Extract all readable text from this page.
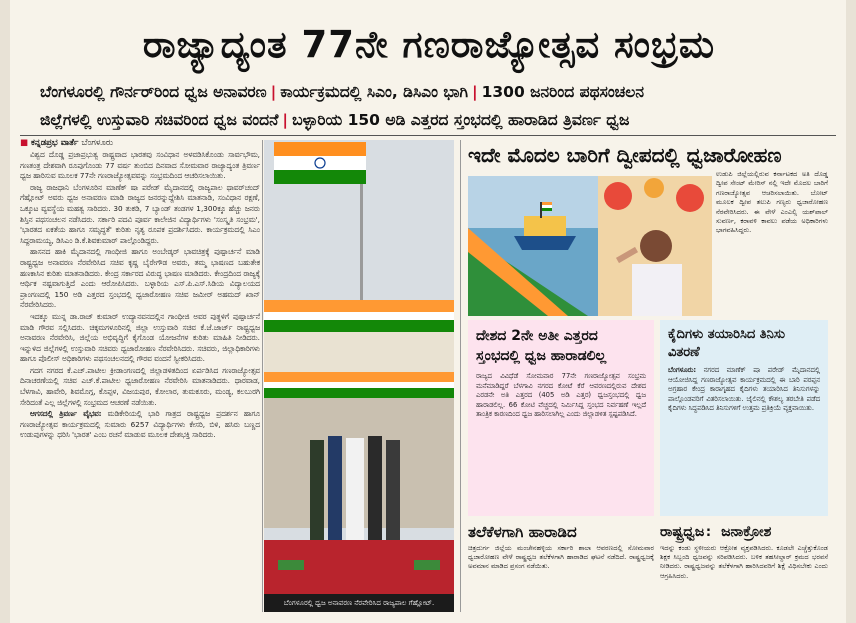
ರಾಜ್ಯಾದ್ಯಂತ 77ನೇ ಗಣರಾಜ್ಯೋತ್ಸವ ಸಂಭ್ರಮ
ಬೆಂಗಳೂರಲ್ಲಿ ಗೌರ್ನರ್‌ರಿಂದ ಧ್ವಜ ಅನಾವರಣ | ಕಾರ್ಯಕ್ರಮದಲ್ಲಿ ಸಿಎಂ, ಡಿಸಿಎಂ ಭಾಗಿ | 1300 ಜನರಿಂದ ಪಥಸಂಚಲನ
ಜಿಲ್ಲೆಗಳಲ್ಲಿ ಉಸ್ತುವಾರಿ ಸಚಿವರಿಂದ ಧ್ವಜ ವಂದನೆ | ಬಳ್ಳಾರಿಯ 150 ಅಡಿ ಎತ್ತರದ ಸ್ತಂಭದಲ್ಲಿ ಹಾರಾಡಿದ ತ್ರಿವರ್ಣ ಧ್ವಜ
■ ಕನ್ನಡಪ್ರಭ ವಾರ್ತೆ ಬೆಂಗಳೂರು

ವಿಶ್ವದ ದೊಡ್ಡ ಪ್ರಜಾಪ್ರಭುತ್ವ ರಾಷ್ಟ್ರವಾದ ಭಾರತವು ಸಂವಿಧಾನ ಅಳವಡಿಸಿಕೊಂಡು ಸಾರ್ವಭೌಮ, ಗಣತಂತ್ರ ದೇಶವಾಗಿ ರೂಪುಗೊಂಡು 77 ವರ್ಷ ತುಂಬಿದ ದಿನವಾದ ಸೋಮವಾರ ರಾಜ್ಯಾದ್ಯಂತ ತ್ರಿವರ್ಣ ಧ್ವಜ ಹಾರಿಸುವ ಮೂಲಕ 77ನೇ ಗಣರಾಜ್ಯೋತ್ಸವವನ್ನು ಸಂಭ್ರಮದಿಂದ ಆಚರಿಸಲಾಯಿತು.

ರಾಜ್ಯ ರಾಜಧಾನಿ ಬೆಂಗಳೂರಿನ ಮಾಣೆಕ್ ಷಾ ಪರೇಡ್ ಮೈದಾನದಲ್ಲಿ ರಾಜ್ಯಪಾಲ ಥಾವರ್‌ಚಂದ್ ಗೆಹ್ಲೋಟ್ ಅವರು ಧ್ವಜ ಅನಾವರಣ ಮಾಡಿ ರಾಜ್ಯದ ಜನರನ್ನುದ್ದೇಶಿಸಿ ಮಾತನಾಡಿ, ಸಂವಿಧಾನ ರಕ್ಷಣೆ, ಒಕ್ಕೂಟ ವ್ಯವಸ್ಥೆಯ ಮಹತ್ವ ಸಾರಿದರು. 30 ತುಕಡಿ, 7 ಬ್ಯಾಂಡ್ ತಂಡಗಳ 1,300ಕ್ಕೂ ಹೆಚ್ಚು ಜನರು ಶಿಸ್ತಿನ ಪಥಸಂಚಲನ ನಡೆಸಿದರು. ಸರ್ಕಾರಿ ಪದವಿ ಪೂರ್ವ ಕಾಲೇಜಿನ ವಿದ್ಯಾರ್ಥಿಗಳು 'ಸಂಸ್ಕೃತಿ ಸಂಭ್ರಮ', 'ಭಾರತದ ಏಕತೆಯ ಹಾಗೂ ಸಮೃದ್ಧತೆ' ಕುರಿತು ನೃತ್ಯ ರೂಪಕ ಪ್ರದರ್ಶಿಸಿದರು. ಕಾರ್ಯಕ್ರಮದಲ್ಲಿ ಸಿಎಂ ಸಿದ್ದರಾಮಯ್ಯ, ಡಿಸಿಎಂ ಡಿ.ಕೆ.ಶಿವಕುಮಾರ್ ಪಾಲ್ಗೊಂಡಿದ್ದರು.

ಹಾಸನದ ಹಾಕಿ ಮೈದಾನದಲ್ಲಿ ಗಾಂಧೀಜಿ ಹಾಗೂ ಅಂಬೇಡ್ಕರ್ ಭಾವಚಿತ್ರಕ್ಕೆ ಪುಷ್ಪಾರ್ಚನೆ ಮಾಡಿ ರಾಷ್ಟ್ರಧ್ವಜ ಅನಾವರಣ ನೆರವೇರಿಸಿದ ಸಚಿವ ಕೃಷ್ಣ ಬೈರೇಗೌಡ ಅವರು, ತಮ್ಮ ಭಾಷಣದ ಬಹುತೇಕ ಹಣಕಾಸಿನ ಕುರಿತು ಮಾತನಾಡಿದರು. ಕೇಂದ್ರ ಸರ್ಕಾರದ ವಿರುದ್ಧ ಭಾಷಣ ಮಾಡಿದರು. ಕೇಂದ್ರದಿಂದ ರಾಜ್ಯಕ್ಕೆ ಆರ್ಥಿಕ ನಷ್ಟವಾಗುತ್ತಿದೆ ಎಂದು ಆರೋಪಿಸಿದರು. ಬಳ್ಳಾರಿಯ ಎಸ್.ಪಿ.ಎಸ್.ಸಿಡಿಯ ವಿದ್ಯಾಲಯದ ಪ್ರಾಂಗಣದಲ್ಲಿ 150 ಅಡಿ ಎತ್ತರದ ಸ್ತಂಭದಲ್ಲಿ ಧ್ವಜಾರೋಹಣ ಸಚಿವ ಜಮೀರ್ ಅಹಮದ್ ಖಾನ್ ನೆರವೇರಿಸಿದರು.

ಇದಕ್ಕೂ ಮುನ್ನ ಡಾ.ರಾಜ್ ಕುಮಾರ್ ಉದ್ಯಾನವನದಲ್ಲಿನ ಗಾಂಧೀಜಿ ಅವರ ಪುತ್ಥಳಿಗೆ ಪುಷ್ಪಾರ್ಚನೆ ಮಾಡಿ ಗೌರವ ಸಲ್ಲಿಸಿದರು. ಚಿಕ್ಕಮಗಳೂರಿನಲ್ಲಿ ಜಿಲ್ಲಾ ಉಸ್ತುವಾರಿ ಸಚಿವ ಕೆ.ಜೆ.ಜಾರ್ಜ್ ರಾಷ್ಟ್ರಧ್ವಜ ಅನಾವರಣ ನೆರವೇರಿಸಿ, ಜಿಲ್ಲೆಯ ಅಭಿವೃದ್ಧಿಗೆ ಕೈಗೊಂಡ ಯೋಜನೆಗಳ ಕುರಿತು ಮಾಹಿತಿ ನೀಡಿದರು. ಇನ್ನುಳಿದ ಜಿಲ್ಲೆಗಳಲ್ಲಿ ಉಸ್ತುವಾರಿ ಸಚಿವರು ಧ್ವಜಾರೋಹಣ ನೆರವೇರಿಸಿದರು. ಸಚಿವರು, ಜಿಲ್ಲಾಧಿಕಾರಿಗಳು ಹಾಗೂ ಪೊಲೀಸ್ ಅಧಿಕಾರಿಗಳು ಪಥಸಂಚಲನದಲ್ಲಿ ಗೌರವ ವಂದನೆ ಸ್ವೀಕರಿಸಿದರು.

ಗದಗ ನಗರದ ಕೆ.ಎಚ್.ಪಾಟೀಲ ಕ್ರೀಡಾಂಗಣದಲ್ಲಿ ಜಿಲ್ಲಾಡಳಿತದಿಂದ ಏರ್ಪಡಿಸಿದ ಗಣರಾಜ್ಯೋತ್ಸವ ದಿನಾಚರಣೆಯಲ್ಲಿ ಸಚಿವ ಎಚ್.ಕೆ.ಪಾಟೀಲ ಧ್ವಜಾರೋಹಣ ನೆರವೇರಿಸಿ ಮಾತನಾಡಿದರು. ಧಾರವಾಡ, ಬೆಳಗಾವಿ, ಹಾವೇರಿ, ಶಿವಮೊಗ್ಗ, ಕೊಪ್ಪಳ, ವಿಜಯಪುರ, ಕೋಲಾರ, ತುಮಕೂರು, ಮಂಡ್ಯ, ಕಲಬುರಗಿ ಸೇರಿದಂತೆ ಎಲ್ಲ ಜಿಲ್ಲೆಗಳಲ್ಲಿ ಸಂಭ್ರಮದ ಆಚರಣೆ ನಡೆಯಿತು.

ಆಗಸದಲ್ಲಿ ತ್ರಿವರ್ಣ ವೈಭವ: ಮಡಿಕೇರಿಯಲ್ಲಿ ಭಾರಿ ಗಾತ್ರದ ರಾಷ್ಟ್ರಧ್ವಜ ಪ್ರದರ್ಶನ ಹಾಗೂ ಗಣರಾಜ್ಯೋತ್ಸವ ಕಾರ್ಯಕ್ರಮದಲ್ಲಿ ಸುಮಾರು 6257 ವಿದ್ಯಾರ್ಥಿಗಳು ಕೇಸರಿ, ಬಿಳಿ, ಹಸಿರು ಬಣ್ಣದ ಉಡುಪುಗಳನ್ನು ಧರಿಸಿ 'ಭಾರತ' ಎಂಬ ರಚನೆ ಮಾಡುವ ಮೂಲಕ ದೇಶಭಕ್ತಿ ಸಾರಿದರು.

ಬೆಂಗಳೂರಲ್ಲಿ ಧ್ವಜ ಅನಾವರಣ ನೆರವೇರಿಸಿದ ರಾಜ್ಯಪಾಲ ಗೆಹ್ಲೋಟ್.
ಇದೇ ಮೊದಲ ಬಾರಿಗೆ ದ್ವೀಪದಲ್ಲಿ ಧ್ವಜಾರೋಹಣ
ಉಡುಪಿ ಜಿಲ್ಲೆಯಲ್ಲಿರುವ ಕರ್ನಾಟಕದ ಅತಿ ದೊಡ್ಡ ದ್ವೀಪ ಸೇಂಟ್ ಮೇರಿಸ್ ನಲ್ಲಿ ಇದೇ ಮೊದಲ ಬಾರಿಗೆ ಗಣರಾಜ್ಯೋತ್ಸವ ಆಚರಿಸಲಾಯಿತು. ಬೋಟ್ ಮೂಲಕ ದ್ವೀಪ ತಲುಪಿ ಗಣ್ಯರು ಧ್ವಜಾರೋಹಣ ನೆರವೇರಿಸಿದರು. ಈ ವೇಳೆ ಎಂಎಲ್ಸಿ ಯಶ್‌ಪಾಲ್ ಸುವರ್ಣ, ಕರಾವಳಿ ಕಾವಲು ಪಡೆಯ ಅಧಿಕಾರಿಗಳು ಭಾಗವಹಿಸಿದ್ದರು.
ದೇಶದ 2ನೇ ಅತೀ ಎತ್ತರದ ಸ್ತಂಭದಲ್ಲಿ ಧ್ವಜ ಹಾರಾಡಲಿಲ್ಲ
ರಾಜ್ಯದ ವಿವಿಧೆಡೆ ಸೋಮವಾರ 77ನೇ ಗಣರಾಜ್ಯೋತ್ಸವ ಸಂಭ್ರಮ ಮನೆಮಾಡಿದ್ದರೆ ಬೆಳಗಾವಿ ನಗರದ ಕೋಟೆ ಕೆರೆ ಆವರಣದಲ್ಲಿರುವ ದೇಶದ ಎರಡನೇ ಅತಿ ಎತ್ತರದ (405 ಅಡಿ ಎತ್ತರ) ಧ್ವಜಸ್ತಂಭದಲ್ಲಿ ಧ್ವಜ ಹಾರಾಡಲಿಲ್ಲ. 66 ಕೋಟಿ ವೆಚ್ಚದಲ್ಲಿ ನಿರ್ಮಿಸಿದ್ದ ಸ್ತಂಭದ ನಿರ್ವಹಣೆ ಇಲ್ಲದೆ ತಾಂತ್ರಿಕ ಕಾರಣದಿಂದ ಧ್ವಜ ಹಾರಿಸಲಾಗಿಲ್ಲ ಎಂದು ಜಿಲ್ಲಾಡಳಿತ ಸ್ಪಷ್ಟಪಡಿಸಿದೆ.
ಕೈದಿಗಳು ತಯಾರಿಸಿದ ತಿನಿಸು ವಿತರಣೆ
ಬೆಂಗಳೂರು: ನಗರದ ಮಾಣೆಕ್ ಷಾ ಪರೇಡ್ ಮೈದಾನದಲ್ಲಿ ಆಯೋಜಿಸಿದ್ದ ಗಣರಾಜ್ಯೋತ್ಸವ ಕಾರ್ಯಕ್ರಮದಲ್ಲಿ ಈ ಬಾರಿ ಪರಪ್ಪನ ಅಗ್ರಹಾರ ಕೇಂದ್ರ ಕಾರಾಗೃಹದ ಕೈದಿಗಳು ತಯಾರಿಸಿದ ತಿನಿಸುಗಳನ್ನು ಪಾಲ್ಗೊಂಡವರಿಗೆ ವಿತರಿಸಲಾಯಿತು. ಜೈಲಿನಲ್ಲಿ ಕೌಶಲ್ಯ ತರಬೇತಿ ಪಡೆದ ಕೈದಿಗಳು ಸಿದ್ಧಪಡಿಸಿದ ತಿನಿಸುಗಳಿಗೆ ಉತ್ತಮ ಪ್ರತಿಕ್ರಿಯೆ ವ್ಯಕ್ತವಾಯಿತು.
ತಲೆಕೆಳಗಾಗಿ ಹಾರಾಡಿದ
ಚಿತ್ರದುರ್ಗ ಜಿಲ್ಲೆಯ ಮಂಚೇನಹಳ್ಳಿಯ ಸರ್ಕಾರಿ ಶಾಲಾ ಆವರಣದಲ್ಲಿ ಸೋಮವಾರ ಧ್ವಜಾರೋಹಣ ವೇಳೆ ರಾಷ್ಟ್ರಧ್ವಜ ತಲೆಕೆಳಗಾಗಿ ಹಾರಾಡಿದ ಘಟನೆ ನಡೆದಿದೆ. ರಾಷ್ಟ್ರಧ್ವಜಕ್ಕೆ ಅವಮಾನ ಮಾಡಿದ ಪ್ರಸಂಗ ನಡೆಯಿತು.
ರಾಷ್ಟ್ರಧ್ವಜ: ಜನಾಕ್ರೋಶ
ಇದನ್ನು ಕಂಡು ಸ್ಥಳೀಯರು ಆಕ್ರೋಶ ವ್ಯಕ್ತಪಡಿಸಿದರು. ಕೂಡಲೇ ಎಚ್ಚೆತ್ತುಕೊಂಡ ಶಿಕ್ಷಕ ಸಿಬ್ಬಂದಿ ಧ್ವಜವನ್ನು ಸರಿಪಡಿಸಿದರು. ಬಳಿಕ ತಹಸೀಲ್ದಾರ್ ಕ್ರಮದ ಭರವಸೆ ನೀಡಿದರು. ರಾಷ್ಟ್ರಧ್ವಜವನ್ನು ತಲೆಕೆಳಗಾಗಿ ಹಾರಿಸಿದವರಿಗೆ ಶಿಕ್ಷೆ ವಿಧಿಸಬೇಕು ಎಂದು ಆಗ್ರಹಿಸಿದರು.
